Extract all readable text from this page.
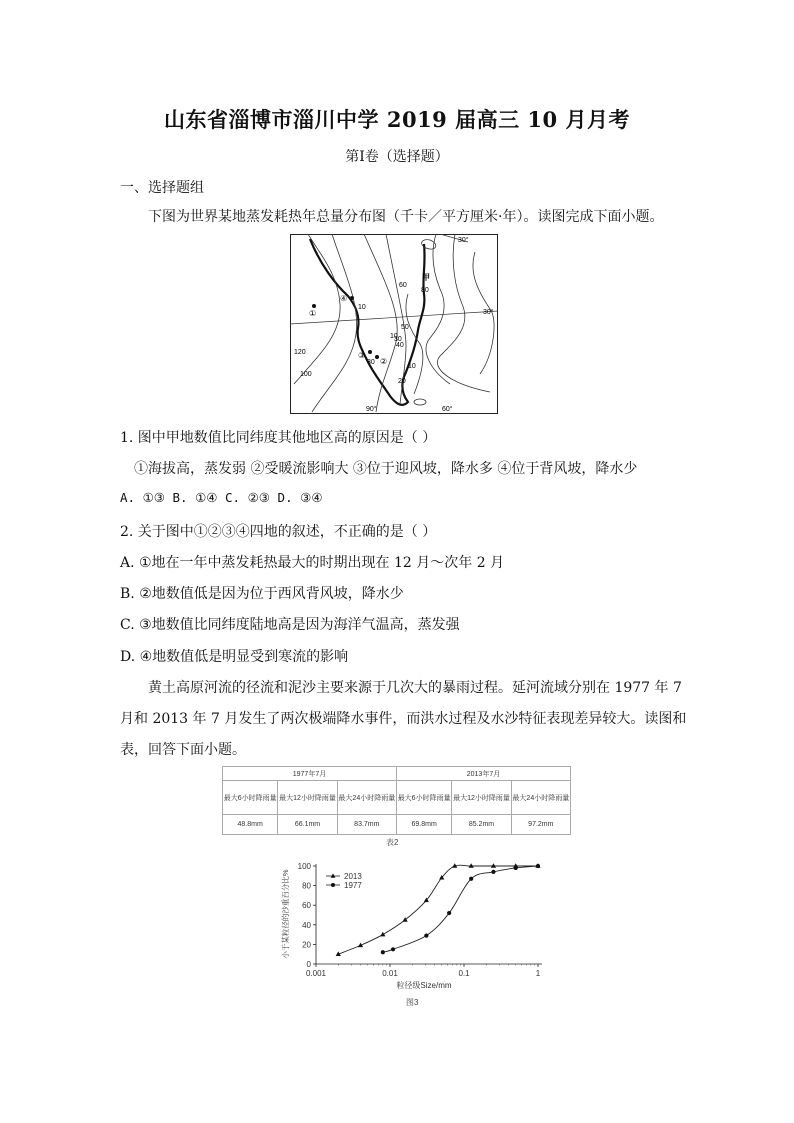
山东省淄博市淄川中学 2019 届高三 10 月月考
第Ⅰ卷（选择题）
一、选择题组
下图为世界某地蒸发耗热年总量分布图（千卡／平方厘米·年）。读图完成下面小题。
甲
①
④
②
③
120
100
80
60
50
40
30
20
10
10
30
10
30°
30°
90°	60°
1. 图中甲地数值比同纬度其他地区高的原因是（ ）
①海拔高，蒸发弱 ②受暖流影响大 ③位于迎风坡，降水多 ④位于背风坡，降水少
A. ①③ B. ①④ C. ②③ D. ③④
2. 关于图中①②③④四地的叙述，不正确的是（ ）
A. ①地在一年中蒸发耗热最大的时期出现在 12 月～次年 2 月
B. ②地数值低是因为位于西风背风坡，降水少
C. ③地数值比同纬度陆地高是因为海洋气温高，蒸发强
D. ④地数值低是明显受到寒流的影响
黄土高原河流的径流和泥沙主要来源于几次大的暴雨过程。延河流域分别在 1977 年 7
月和 2013 年 7 月发生了两次极端降水事件，而洪水过程及水沙特征表现差异较大。读图和
表，回答下面小题。
1977年7月			2013年7月		
最大6小时降雨量	最大12小时降雨量	最大24小时降雨量	最大6小时降雨量	最大12小时降雨量	最大24小时降雨量
48.8mm	66.1mm	83.7mm	69.8mm	85.2mm	97.2mm
表2
0
20
40
60
80
100
0.001	0.01	0.1	1
2013
1977
粒径级Size/mm
小于某粒径的沙重百分比%
图3
